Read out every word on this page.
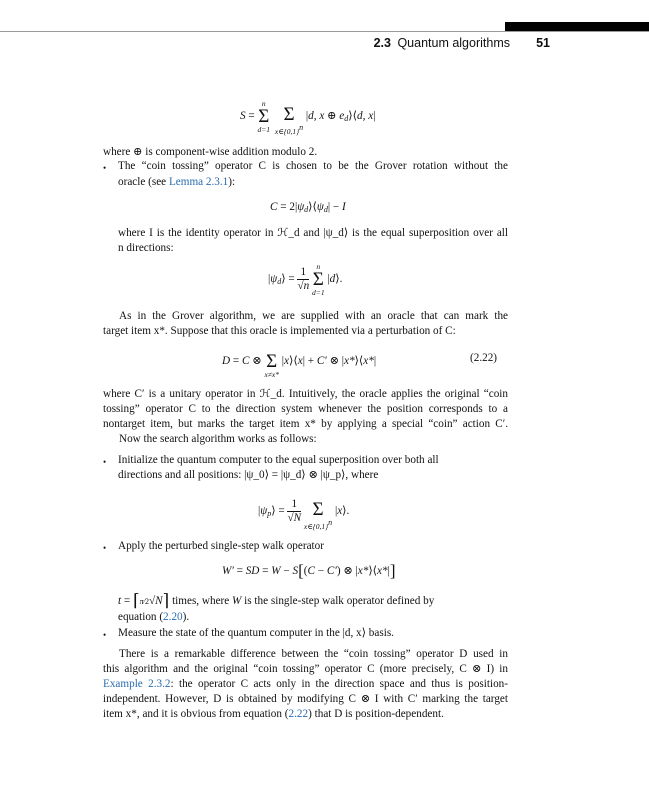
2.3 Quantum algorithms	51
S =
n
Σ
d=1

Σ
$x\in\{0,1\}^n$
|d, x ⊕ $e_d⟩⟨d$, x|
where ⊕ is component-wise addition modulo 2.
• The “coin tossing” operator C is chosen to be the Grover rotation without the
oracle (see Lemma 2.3.1):
$C = 2|\psi_d⟩⟨\psi_d| - I$
where I is the identity operator in ℋ_d and |ψ_d⟩ is the equal superposition over all
n directions:
$|\psi_d⟩ = \frac{1}{√n}$
n
Σ
d=1
|d⟩.
As in the Grover algorithm, we are supplied with an oracle that can mark the
target item x*. Suppose that this oracle is implemented via a perturbation of C:
D = C ⊗
Σ
x≠x*
|x⟩⟨x| + C′ ⊗ |x*⟩⟨x*|	(2.22)
where C′ is a unitary operator in ℋ_d. Intuitively, the oracle applies the original “coin
tossing” operator C to the direction system whenever the position corresponds to a
nontarget item, but marks the target item x* by applying a special “coin” action C′.
Now the search algorithm works as follows:
• Initialize the quantum computer to the equal superposition over both all
directions and all positions: |ψ_0⟩ = |ψ_d⟩ ⊗ |ψ_p⟩, where
$|\psi_p⟩ = \frac{1}{√N}$

Σ
$x\in\{0,1\}^n$
|x⟩.
• Apply the perturbed single-step walk operator
W′ = SD = W − S[(C − C′) ⊗ |x*⟩⟨x*|]
t = ⌈π⁄2√N⌉ times, where W is the single-step walk operator defined by
equation (2.20).
• Measure the state of the quantum computer in the |d, x⟩ basis.
There is a remarkable difference between the “coin tossing” operator D used in
this algorithm and the original “coin tossing” operator C (more precisely, C ⊗ I) in
Example 2.3.2: the operator C acts only in the direction space and thus is position-
independent. However, D is obtained by modifying C ⊗ I with C′ marking the target
item x*, and it is obvious from equation (2.22) that D is position-dependent.
